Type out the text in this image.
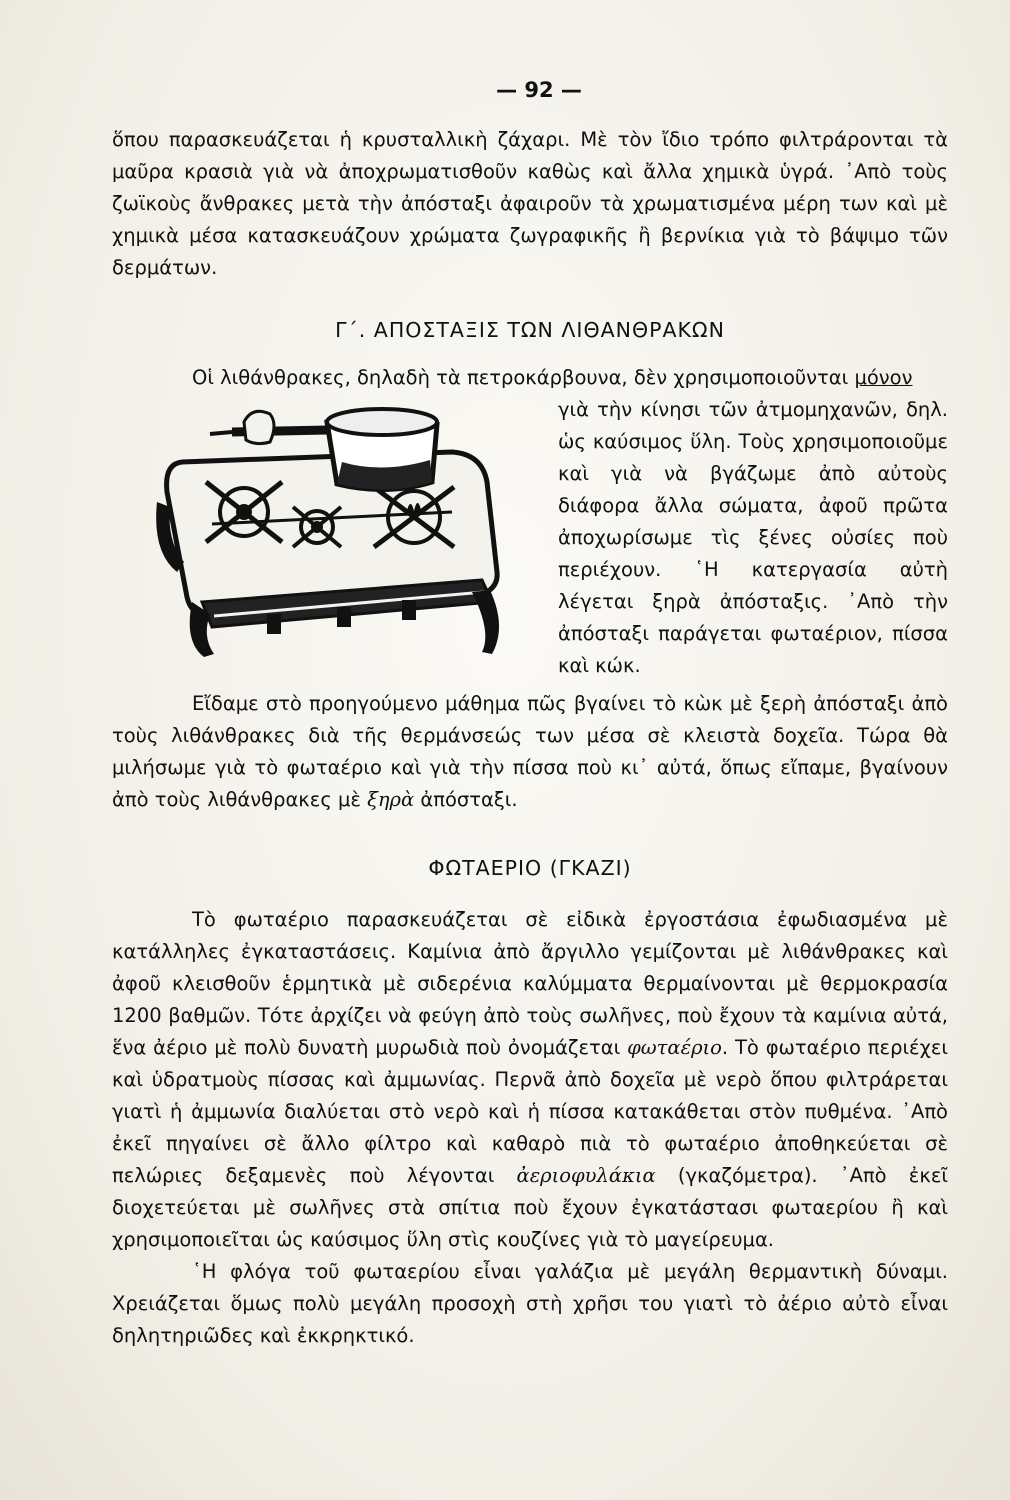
— 92 —

ὅπου παρασκευάζεται ἡ κρυσταλλικὴ ζάχαρι. Μὲ τὸν ἴδιο τρόπο φιλτράρονται τὰ μαῦρα κρασιὰ γιὰ νὰ ἀποχρωματισθοῦν καθὼς καὶ ἄλλα χημικὰ ὑγρά. ᾿Απὸ τοὺς ζωϊκοὺς ἄνθρακες μετὰ τὴν ἀπόσταξι ἀφαιροῦν τὰ χρωματισμένα μέρη των καὶ μὲ χημικὰ μέσα κατασκευάζουν χρώματα ζωγραφικῆς ἢ βερνίκια γιὰ τὸ βάψιμο τῶν δερμάτων.

Γ΄. ΑΠΟΣΤΑΞΙΣ ΤΩΝ ΛΙΘΑΝΘΡΑΚΩΝ

Οἱ λιθάνθρακες, δηλαδὴ τὰ πετροκάρβουνα, δὲν χρησιμοποιοῦνται μόνον

γιὰ τὴν κίνησι τῶν ἀτμομηχανῶν, δηλ. ὡς καύσιμος ὕλη. Τοὺς χρησιμοποιοῦμε καὶ γιὰ νὰ βγάζωμε ἀπὸ αὐτοὺς διάφορα ἄλλα σώματα, ἀφοῦ πρῶτα ἀποχωρίσωμε τὶς ξένες οὐσίες ποὺ περιέχουν. ῾Η κατεργασία αὐτὴ λέγεται ξηρὰ ἀπόσταξις. ᾿Απὸ τὴν ἀπόσταξι παράγεται φωταέριον, πίσσα καὶ κώκ.

Εἴδαμε στὸ προηγούμενο μάθημα πῶς βγαίνει τὸ κὼκ μὲ ξερὴ ἀπόσταξι ἀπὸ τοὺς λιθάνθρακες διὰ τῆς θερμάνσεώς των μέσα σὲ κλειστὰ δοχεῖα. Τώρα θὰ μιλήσωμε γιὰ τὸ φωταέριο καὶ γιὰ τὴν πίσσα ποὺ κι᾿ αὐτά, ὅπως εἴπαμε, βγαίνουν ἀπὸ τοὺς λιθάνθρακες μὲ ξηρὰ ἀπόσταξι.

ΦΩΤΑΕΡΙΟ (ΓΚΑΖΙ)

Τὸ φωταέριο παρασκευάζεται σὲ εἰδικὰ ἐργοστάσια ἐφωδιασμένα μὲ κατάλληλες ἐγκαταστάσεις. Καμίνια ἀπὸ ἄργιλλο γεμίζονται μὲ λιθάνθρακες καὶ ἀφοῦ κλεισθοῦν ἑρμητικὰ μὲ σιδερένια καλύμματα θερμαίνονται μὲ θερμοκρασία 1200 βαθμῶν. Τότε ἀρχίζει νὰ φεύγη ἀπὸ τοὺς σωλῆνες, ποὺ ἔχουν τὰ καμίνια αὐτά, ἕνα ἀέριο μὲ πολὺ δυνατὴ μυρωδιὰ ποὺ ὀνομάζεται φωταέριο. Τὸ φωταέριο περιέχει καὶ ὑδρατμοὺς πίσσας καὶ ἀμμωνίας. Περνᾶ ἀπὸ δοχεῖα μὲ νερὸ ὅπου φιλτράρεται γιατὶ ἡ ἀμμωνία διαλύεται στὸ νερὸ καὶ ἡ πίσσα κατακάθεται στὸν πυθμένα. ᾿Απὸ ἐκεῖ πηγαίνει σὲ ἄλλο φίλτρο καὶ καθαρὸ πιὰ τὸ φωταέριο ἀποθηκεύεται σὲ πελώριες δεξαμενὲς ποὺ λέγονται ἀεριοφυλάκια (γκαζόμετρα). ᾿Απὸ ἐκεῖ διοχετεύεται μὲ σωλῆνες στὰ σπίτια ποὺ ἔχουν ἐγκατάστασι φωταερίου ἢ καὶ χρησιμοποιεῖται ὡς καύσιμος ὕλη στὶς κουζίνες γιὰ τὸ μαγείρευμα.

῾Η φλόγα τοῦ φωταερίου εἶναι γαλάζια μὲ μεγάλη θερμαντικὴ δύναμι. Χρειάζεται ὅμως πολὺ μεγάλη προσοχὴ στὴ χρῆσι του γιατὶ τὸ ἀέριο αὐτὸ εἶναι δηλητηριῶδες καὶ ἐκκρηκτικό.
